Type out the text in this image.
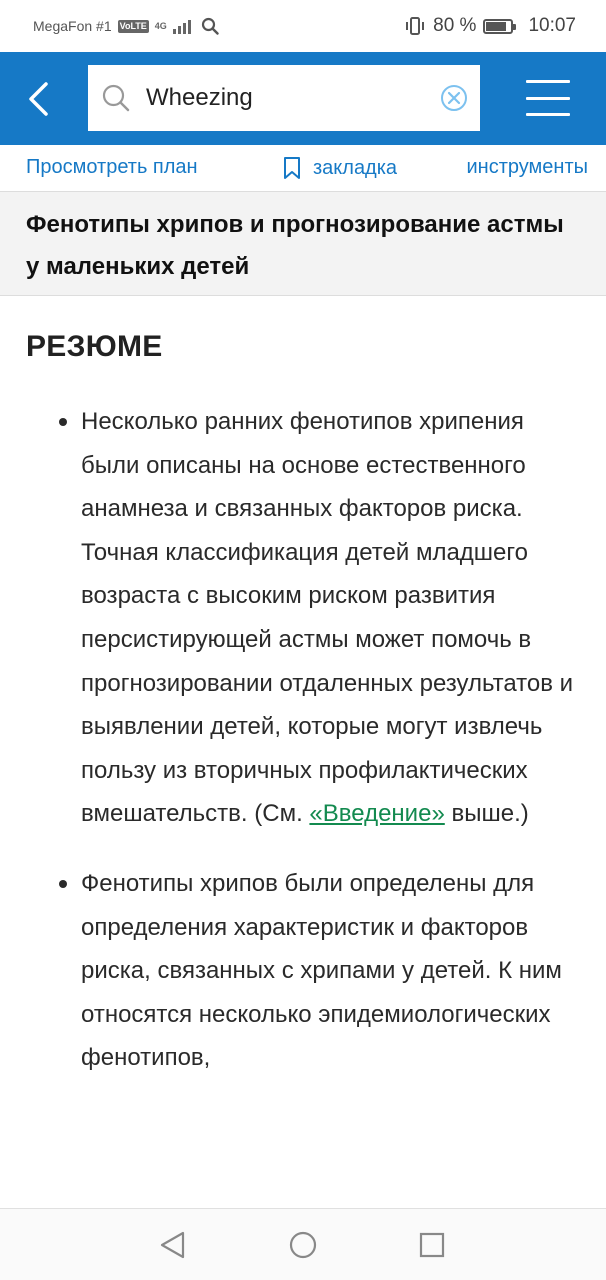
MegaFon #1 VoLTE 4G	80 %	10:07
Wheezing
Просмотреть план	закладка	инструменты
Фенотипы хрипов и прогнозирование астмы у маленьких детей
РЕЗЮМЕ
Несколько ранних фенотипов хрипения были описаны на основе естественного анамнеза и связанных факторов риска. Точная классификация детей младшего возраста с высоким риском развития персистирующей астмы может помочь в прогнозировании отдаленных результатов и выявлении детей, которые могут извлечь пользу из вторичных профилактических вмешательств. (См. «Введение» выше.)
Фенотипы хрипов были определены для определения характеристик и факторов риска, связанных с хрипами у детей. К ним относятся несколько эпидемиологических фенотипов,
